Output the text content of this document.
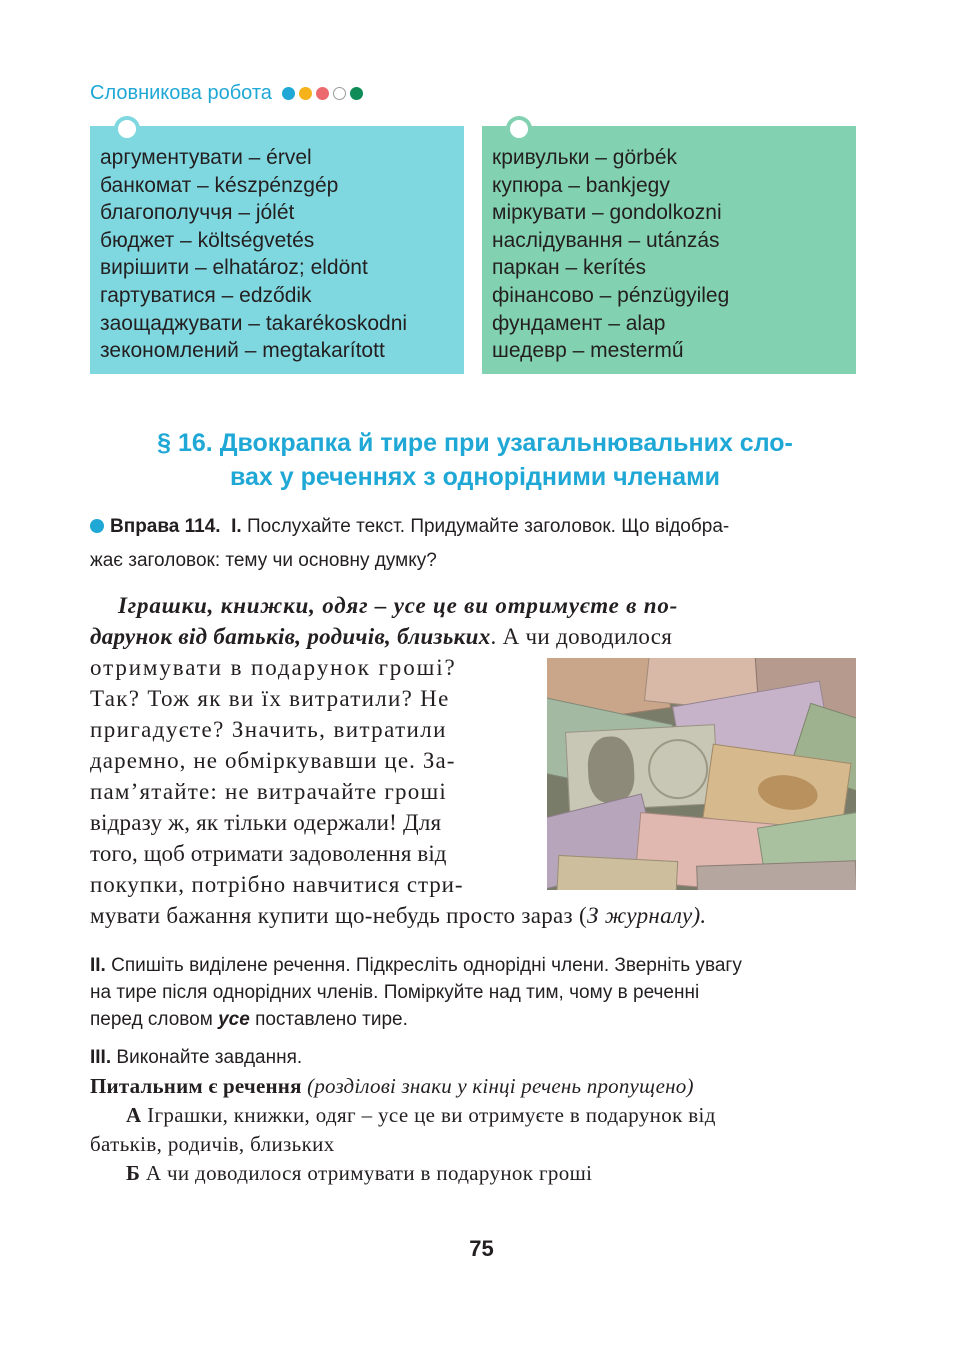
Словникова робота
аргументувати – érvel
банкомат – készpénzgép
благополуччя – jólét
бюджет – költségvetés
вирішити – elhatároz; eldönt
гартуватися – edződik
заощаджувати – takarékoskodni
зекономлений – megtakarított
кривульки – görbék
купюра – bankjegy
міркувати – gondolkozni
наслідування – utánzás
паркан – kerítés
фінансово – pénzügyileg
фундамент – alap
шедевр – mestermű
§ 16. Двокрапка й тире при узагальнювальних сло-
вах у реченнях з однорідними членами
Вправа 114. I. Послухайте текст. Придумайте заголовок. Що відобра-
жає заголовок: тему чи основну думку?
Іграшки, книжки, одяг – усе це ви отримуєте в по-
дарунок від батьків, родичів, близьких. А чи доводилося
отримувати в подарунок гроші?
Так? Тож як ви їх витратили? Не
пригадуєте? Значить, витратили
даремно, не обміркувавши це. За-
пам’ятайте: не витрачайте гроші
відразу ж, як тільки одержали! Для
того, щоб отримати задоволення від
покупки, потрібно навчитися стри-
мувати бажання купити що-небудь просто зараз (З журналу).
II. Спишіть виділене речення. Підкресліть однорідні члени. Зверніть увагу
на тире після однорідних членів. Поміркуйте над тим, чому в реченні
перед словом усе поставлено тире.
III. Виконайте завдання.
Питальним є речення (розділові знаки у кінці речень пропущено)
А Іграшки, книжки, одяг – усе це ви отримуєте в подарунок від
батьків, родичів, близьких
Б А чи доводилося отримувати в подарунок гроші
75
